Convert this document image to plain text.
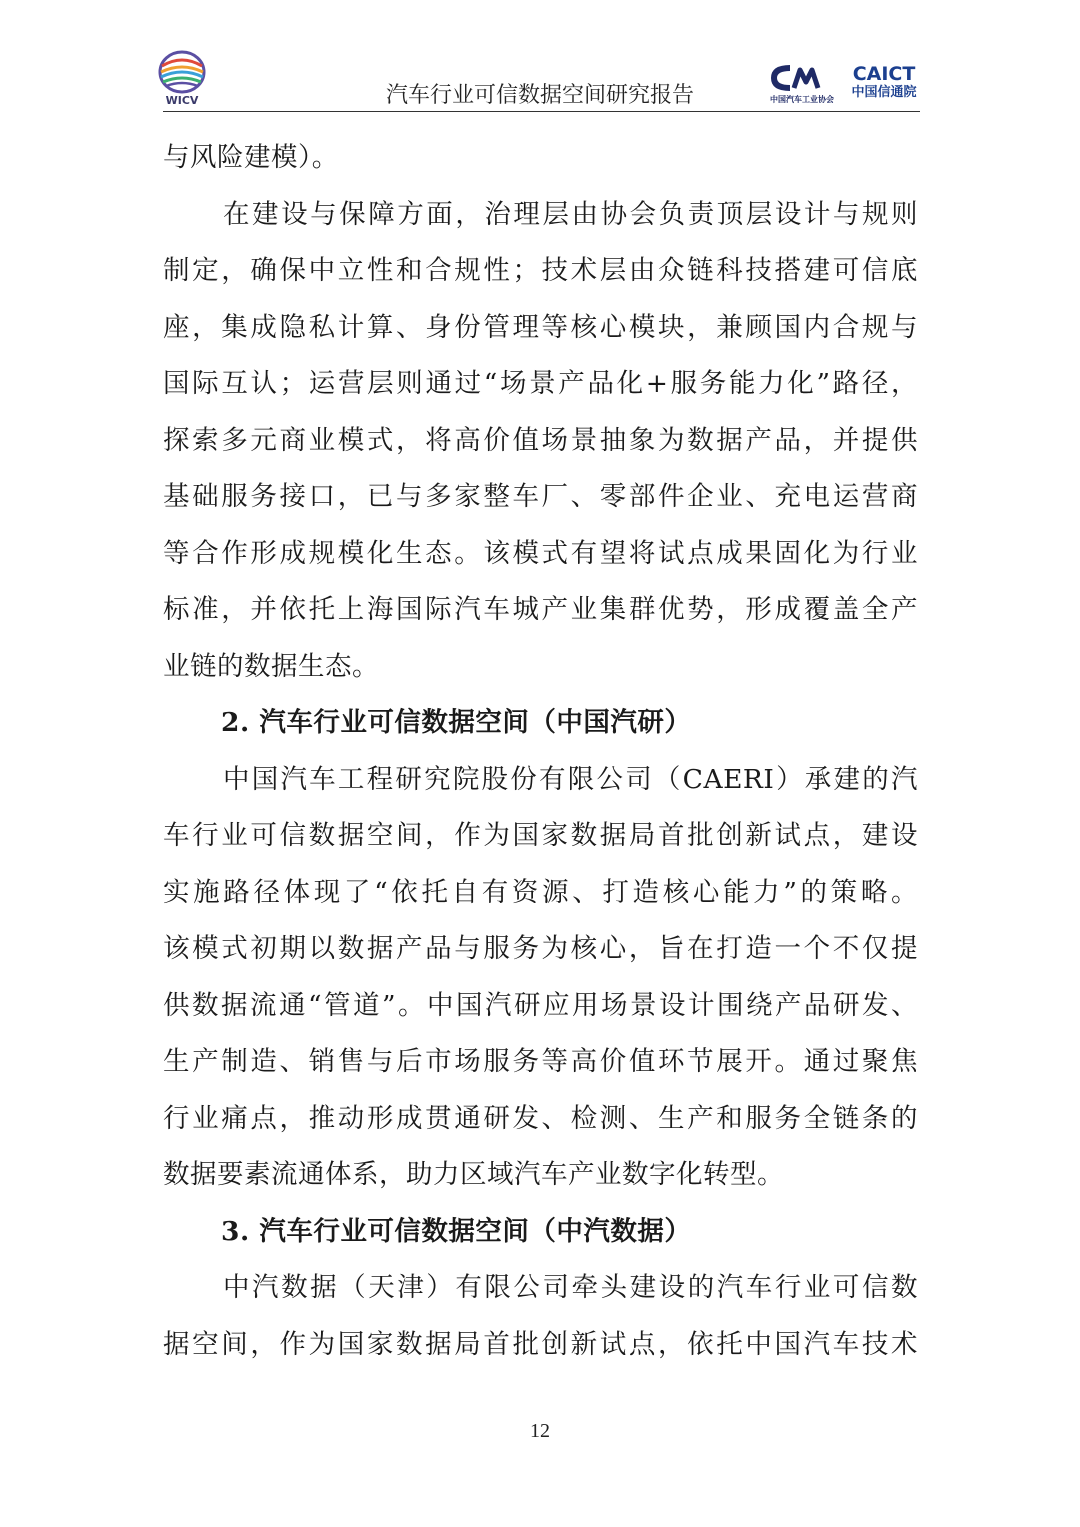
WICV	汽车行业可信数据空间研究报告	中国汽车工业协会
CAICT
中国信通院
与风险建模）。
在建设与保障方面，治理层由协会负责顶层设计与规则
制定，确保中立性和合规性；技术层由众链科技搭建可信底
座，集成隐私计算、身份管理等核心模块，兼顾国内合规与
国际互认；运营层则通过“场景产品化+服务能力化”路径，
探索多元商业模式，将高价值场景抽象为数据产品，并提供
基础服务接口，已与多家整车厂、零部件企业、充电运营商
等合作形成规模化生态。该模式有望将试点成果固化为行业
标准，并依托上海国际汽车城产业集群优势，形成覆盖全产
业链的数据生态。
2. 汽车行业可信数据空间（中国汽研）
中国汽车工程研究院股份有限公司（CAERI）承建的汽
车行业可信数据空间，作为国家数据局首批创新试点，建设
实施路径体现了“依托自有资源、打造核心能力”的策略。
该模式初期以数据产品与服务为核心，旨在打造一个不仅提
供数据流通“管道”。中国汽研应用场景设计围绕产品研发、
生产制造、销售与后市场服务等高价值环节展开。通过聚焦
行业痛点，推动形成贯通研发、检测、生产和服务全链条的
数据要素流通体系，助力区域汽车产业数字化转型。
3. 汽车行业可信数据空间（中汽数据）
中汽数据（天津）有限公司牵头建设的汽车行业可信数
据空间，作为国家数据局首批创新试点，依托中国汽车技术
12
